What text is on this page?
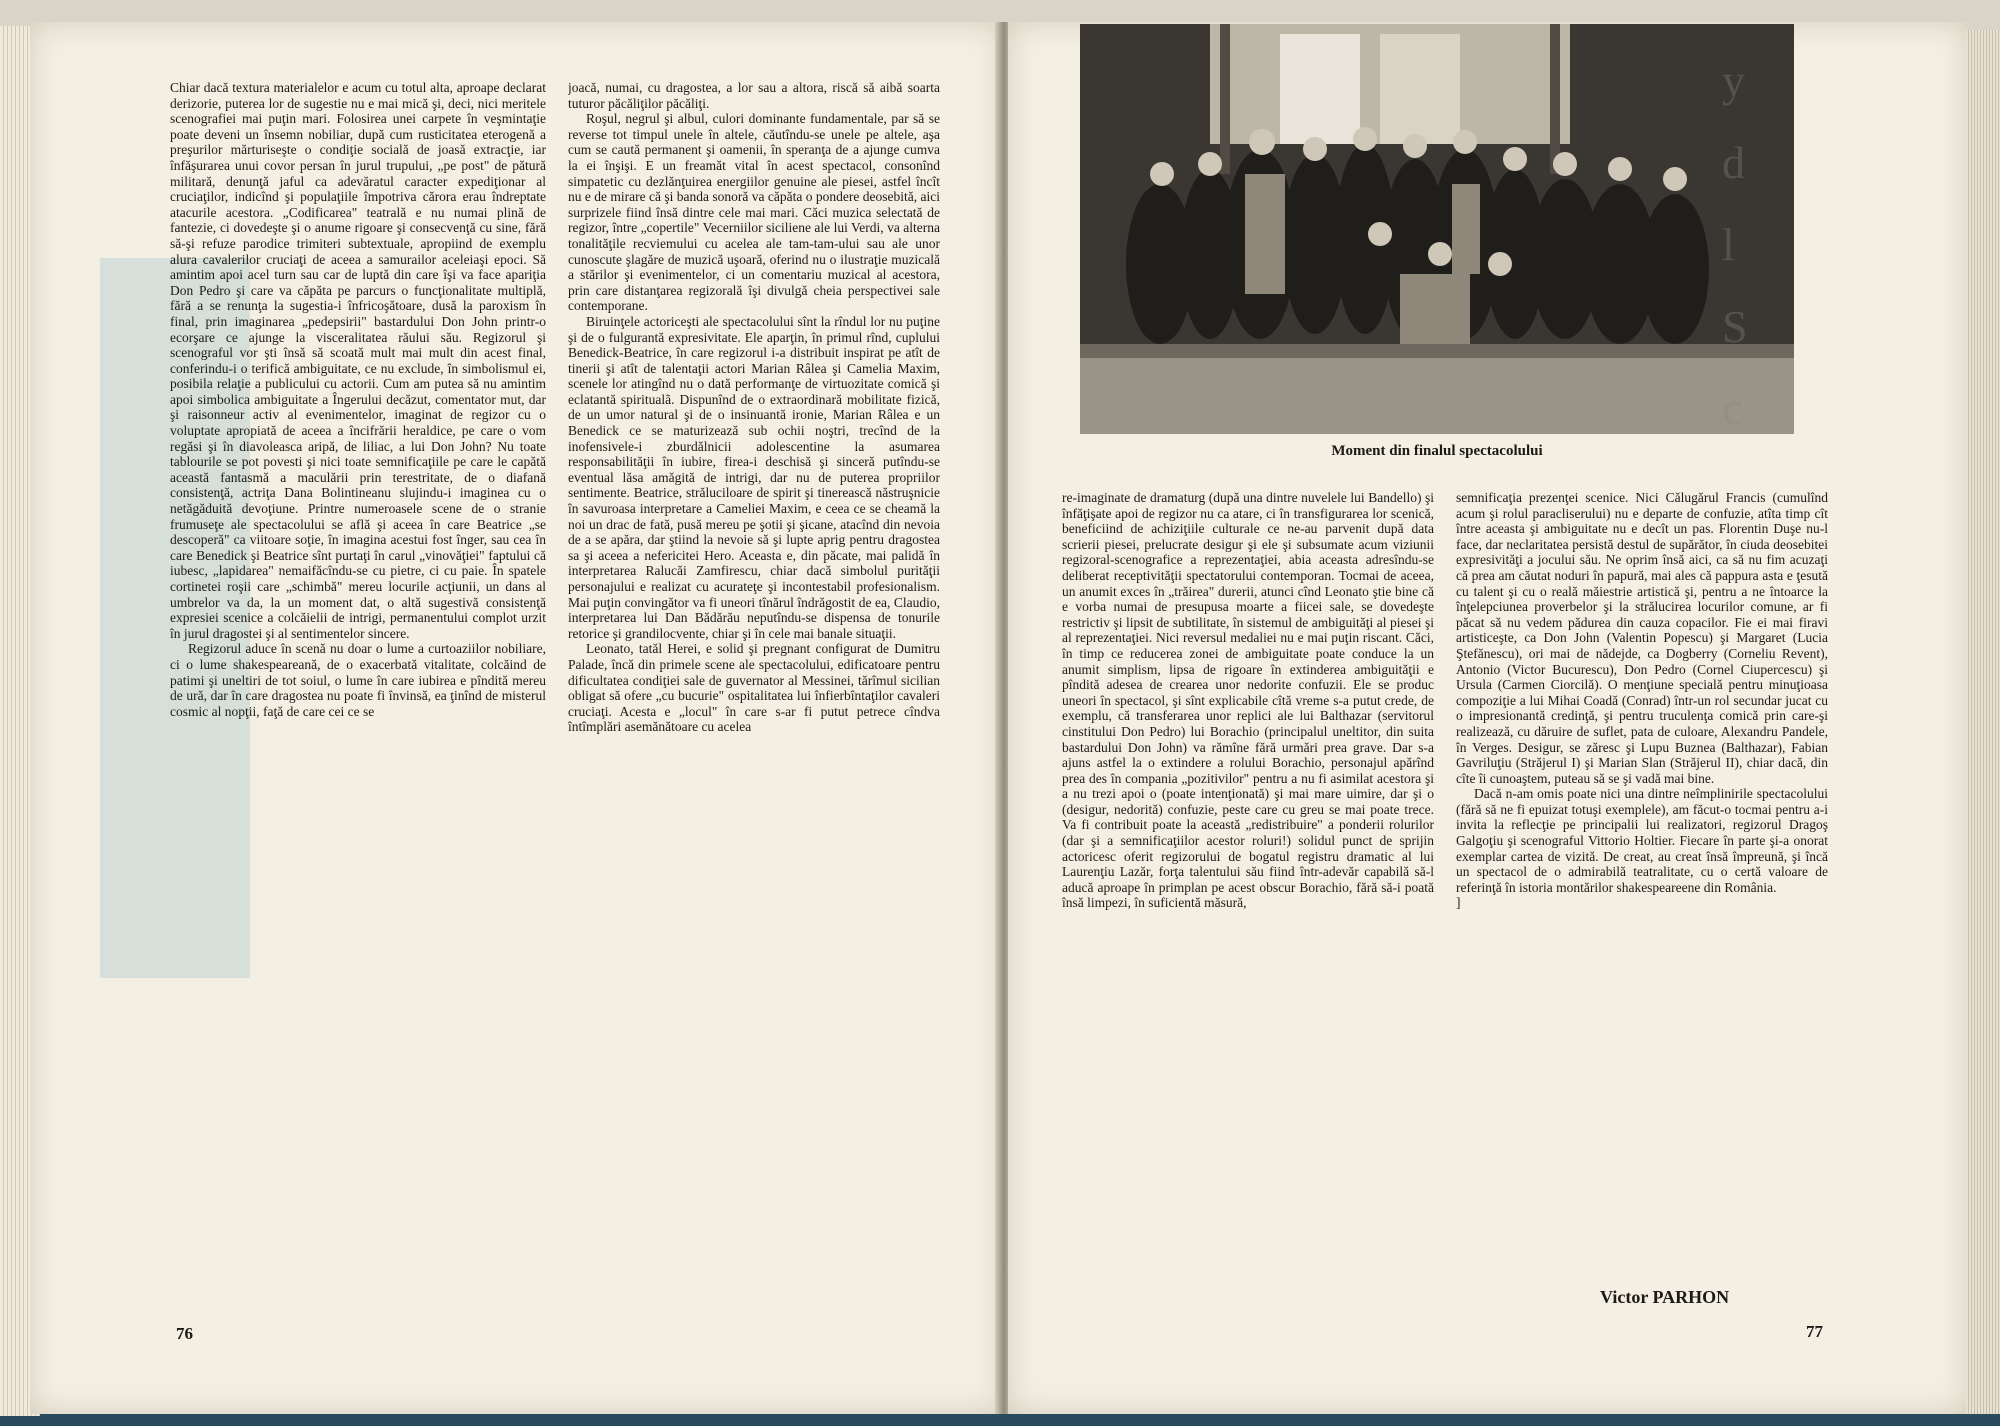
Chiar dacă textura materialelor e acum cu totul alta, aproape declarat derizorie, puterea lor de sugestie nu e mai mică şi, deci, nici meritele scenografiei mai puţin mari. Folosirea unei carpete în veşmintaţie poate deveni un însemn nobiliar, după cum rusticitatea eterogenă a preşurilor mărturiseşte o condiţie socială de joasă extracţie, iar înfăşurarea unui covor persan în jurul trupului, „pe post" de pătură militară, denunţă jaful ca adevăratul caracter expediţionar al cruciaţilor, indicînd şi populaţiile împotriva cărora erau îndreptate atacurile acestora. „Codificarea" teatrală e nu numai plină de fantezie, ci dovedeşte şi o anume rigoare şi consecvenţă cu sine, fără să-şi refuze parodice trimiteri subtextuale, apropiind de exemplu alura cavalerilor cruciaţi de aceea a samurailor aceleiaşi epoci. Să amintim apoi acel turn sau car de luptă din care îşi va face apariţia Don Pedro şi care va căpăta pe parcurs o funcţionalitate multiplă, fără a se renunţa la sugestia-i înfricoşătoare, dusă la paroxism în final, prin imaginarea „pedepsirii" bastardului Don John printr-o ecorşare ce ajunge la visceralitatea răului său. Regizorul şi scenograful vor şti însă să scoată mult mai mult din acest final, conferindu-i o terifică ambiguitate, ce nu exclude, în simbolismul ei, posibila relaţie a publicului cu actorii. Cum am putea să nu amintim apoi simbolica ambiguitate a Îngerului decăzut, comentator mut, dar şi raisonneur activ al evenimentelor, imaginat de regizor cu o voluptate apropiată de aceea a încifrării heraldice, pe care o vom regăsi şi în diavoleasca aripă, de liliac, a lui Don John? Nu toate tablourile se pot povesti şi nici toate semnificaţiile pe care le capătă această fantasmă a maculării prin terestritate, de o diafană consistenţă, actriţa Dana Bolintineanu slujindu-i imaginea cu o netăgăduită devoţiune. Printre numeroasele scene de o stranie frumuseţe ale spectacolului se află şi aceea în care Beatrice „se descoperă" ca viitoare soţie, în imagina acestui fost înger, sau cea în care Benedick şi Beatrice sînt purtaţi în carul „vinovăţiei" faptului că iubesc, „lapidarea" nemaifăcîndu-se cu pietre, ci cu paie. În spatele cortinetei roşii care „schimbă" mereu locurile acţiunii, un dans al umbrelor va da, la un moment dat, o altă sugestivă consistenţă expresiei scenice a colcăielii de intrigi, permanentului complot urzit în jurul dragostei şi al sentimentelor sincere.

Regizorul aduce în scenă nu doar o lume a curtoaziilor nobiliare, ci o lume shakespeareană, de o exacerbată vitalitate, colcăind de patimi şi uneltiri de tot soiul, o lume în care iubirea e pîndită mereu de ură, dar în care dragostea nu poate fi învinsă, ea ţinînd de misterul cosmic al nopţii, faţă de care cei ce se

joacă, numai, cu dragostea, a lor sau a altora, riscă să aibă soarta tuturor păcăliţilor păcăliţi.

Roşul, negrul şi albul, culori dominante fundamentale, par să se reverse tot timpul unele în altele, căutîndu-se unele pe altele, aşa cum se caută permanent şi oamenii, în speranţa de a ajunge cumva la ei înşişi. E un freamăt vital în acest spectacol, consonînd simpatetic cu dezlănţuirea energiilor genuine ale piesei, astfel încît nu e de mirare că şi banda sonoră va căpăta o pondere deosebită, aici surprizele fiind însă dintre cele mai mari. Căci muzica selectată de regizor, între „copertile" Vecerniilor siciliene ale lui Verdi, va alterna tonalităţile recviemului cu acelea ale tam-tam-ului sau ale unor cunoscute şlagăre de muzică uşoară, oferind nu o ilustraţie muzicală a stărilor şi evenimentelor, ci un comentariu muzical al acestora, prin care distanţarea regizorală îşi divulgă cheia perspectivei sale contemporane.

Biruinţele actoriceşti ale spectacolului sînt la rîndul lor nu puţine şi de o fulgurantă expresivitate. Ele aparţin, în primul rînd, cuplului Benedick-Beatrice, în care regizorul i-a distribuit inspirat pe atît de tinerii şi atît de talentaţii actori Marian Râlea şi Camelia Maxim, scenele lor atingînd nu o dată performanţe de virtuozitate comică şi eclatantă spiritualã. Dispunînd de o extraordinară mobilitate fizică, de un umor natural şi de o insinuantă ironie, Marian Râlea e un Benedick ce se maturizează sub ochii noştri, trecînd de la inofensivele-i zburdălnicii adolescentine la asumarea responsabilităţii în iubire, firea-i deschisă şi sinceră putîndu-se eventual lăsa amăgită de intrigi, dar nu de puterea propriilor sentimente. Beatrice, străluciloare de spirit şi tinerească năstruşnicie în savuroasa interpretare a Cameliei Maxim, e ceea ce se cheamă la noi un drac de fată, pusă mereu pe şotii şi şicane, atacînd din nevoia de a se apăra, dar ştiind la nevoie să şi lupte aprig pentru dragostea sa şi aceea a nefericitei Hero. Aceasta e, din păcate, mai palidă în interpretarea Ralucăi Zamfirescu, chiar dacă simbolul purităţii personajului e realizat cu acurateţe şi incontestabil profesionalism. Mai puţin convingător va fi uneori tînărul îndrăgostit de ea, Claudio, interpretarea lui Dan Bădărău neputîndu-se dispensa de tonurile retorice şi grandilocvente, chiar şi în cele mai banale situaţii.

Leonato, tatăl Herei, e solid şi pregnant configurat de Dumitru Palade, încă din primele scene ale spectacolului, edificatoare pentru dificultatea condiţiei sale de guvernator al Messinei, tărîmul sicilian obligat să ofere „cu bucurie" ospitalitatea lui înfierbîntaţilor cavaleri cruciaţi. Acesta e „locul" în care s-ar fi putut petrece cîndva întîmplări asemănătoare cu acelea

76
Moment din finalul spectacolului
y
d
l
S
c

re-imaginate de dramaturg (după una dintre nuvelele lui Bandello) şi înfăţişate apoi de regizor nu ca atare, ci în transfigurarea lor scenică, beneficiind de achiziţiile culturale ce ne-au parvenit după data scrierii piesei, prelucrate desigur şi ele şi subsumate acum viziunii regizoral-scenografice a reprezentaţiei, abia aceasta adresîndu-se deliberat receptivităţii spectatorului contemporan. Tocmai de aceea, un anumit exces în „trăirea" durerii, atunci cînd Leonato ştie bine că e vorba numai de presupusa moarte a fiicei sale, se dovedeşte restrictiv şi lipsit de subtilitate, în sistemul de ambiguităţi al piesei şi al reprezentaţiei. Nici reversul medaliei nu e mai puţin riscant. Căci, în timp ce reducerea zonei de ambiguitate poate conduce la un anumit simplism, lipsa de rigoare în extinderea ambiguităţii e pîndită adesea de crearea unor nedorite confuzii. Ele se produc uneori în spectacol, şi sînt explicabile cîtă vreme s-a putut crede, de exemplu, că transferarea unor replici ale lui Balthazar (servitorul cinstitului Don Pedro) lui Borachio (principalul uneltitor, din suita bastardului Don John) va rămîne fără urmări prea grave. Dar s-a ajuns astfel la o extindere a rolului Borachio, personajul apărînd prea des în compania „pozitivilor" pentru a nu fi asimilat acestora şi a nu trezi apoi o (poate intenţionată) şi mai mare uimire, dar şi o (desigur, nedorită) confuzie, peste care cu greu se mai poate trece. Va fi contribuit poate la această „redistribuire" a ponderii rolurilor (dar şi a semnificaţiilor acestor roluri!) solidul punct de sprijin actoricesc oferit regizorului de bogatul registru dramatic al lui Laurenţiu Lazăr, forţa talentului său fiind într-adevăr capabilă să-l aducă aproape în primplan pe acest obscur Borachio, fără să-i poată însă limpezi, în suficientă măsură,

semnificaţia prezenţei scenice. Nici Călugărul Francis (cumulînd acum şi rolul paracliserului) nu e departe de confuzie, atîta timp cît între aceasta şi ambiguitate nu e decît un pas. Florentin Duşe nu-l face, dar neclaritatea persistă destul de supărător, în ciuda deosebitei expresivităţi a jocului său. Ne oprim însă aici, ca să nu fim acuzaţi că prea am căutat noduri în papură, mai ales că pappura asta e ţesută cu talent şi cu o reală măiestrie artistică şi, pentru a ne întoarce la înţelepciunea proverbelor şi la strălucirea locurilor comune, ar fi păcat să nu vedem pădurea din cauza copacilor. Fie ei mai firavi artisticeşte, ca Don John (Valentin Popescu) şi Margaret (Lucia Ştefănescu), ori mai de nădejde, ca Dogberry (Corneliu Revent), Antonio (Victor Bucurescu), Don Pedro (Cornel Ciupercescu) şi Ursula (Carmen Ciorcilă). O menţiune specială pentru minuţioasa compoziţie a lui Mihai Coadă (Conrad) într-un rol secundar jucat cu o impresionantă credinţă, şi pentru truculenţa comică prin care-şi realizează, cu dăruire de suflet, pata de culoare, Alexandru Pandele, în Verges. Desigur, se zăresc şi Lupu Buznea (Balthazar), Fabian Gavriluţiu (Străjerul I) şi Marian Slan (Străjerul II), chiar dacă, din cîte îi cunoaştem, puteau să se şi vadă mai bine.

Dacă n-am omis poate nici una dintre neîmplinirile spectacolului (fără să ne fi epuizat totuşi exemplele), am făcut-o tocmai pentru a-i invita la reflecţie pe principalii lui realizatori, regizorul Dragoş Galgoţiu şi scenograful Vittorio Holtier. Fiecare în parte şi-a onorat exemplar cartea de vizită. De creat, au creat însă împreună, şi încă un spectacol de o admirabilă teatralitate, cu o certă valoare de referinţă în istoria montărilor shakespeareene din România.

]

Victor PARHON
77
